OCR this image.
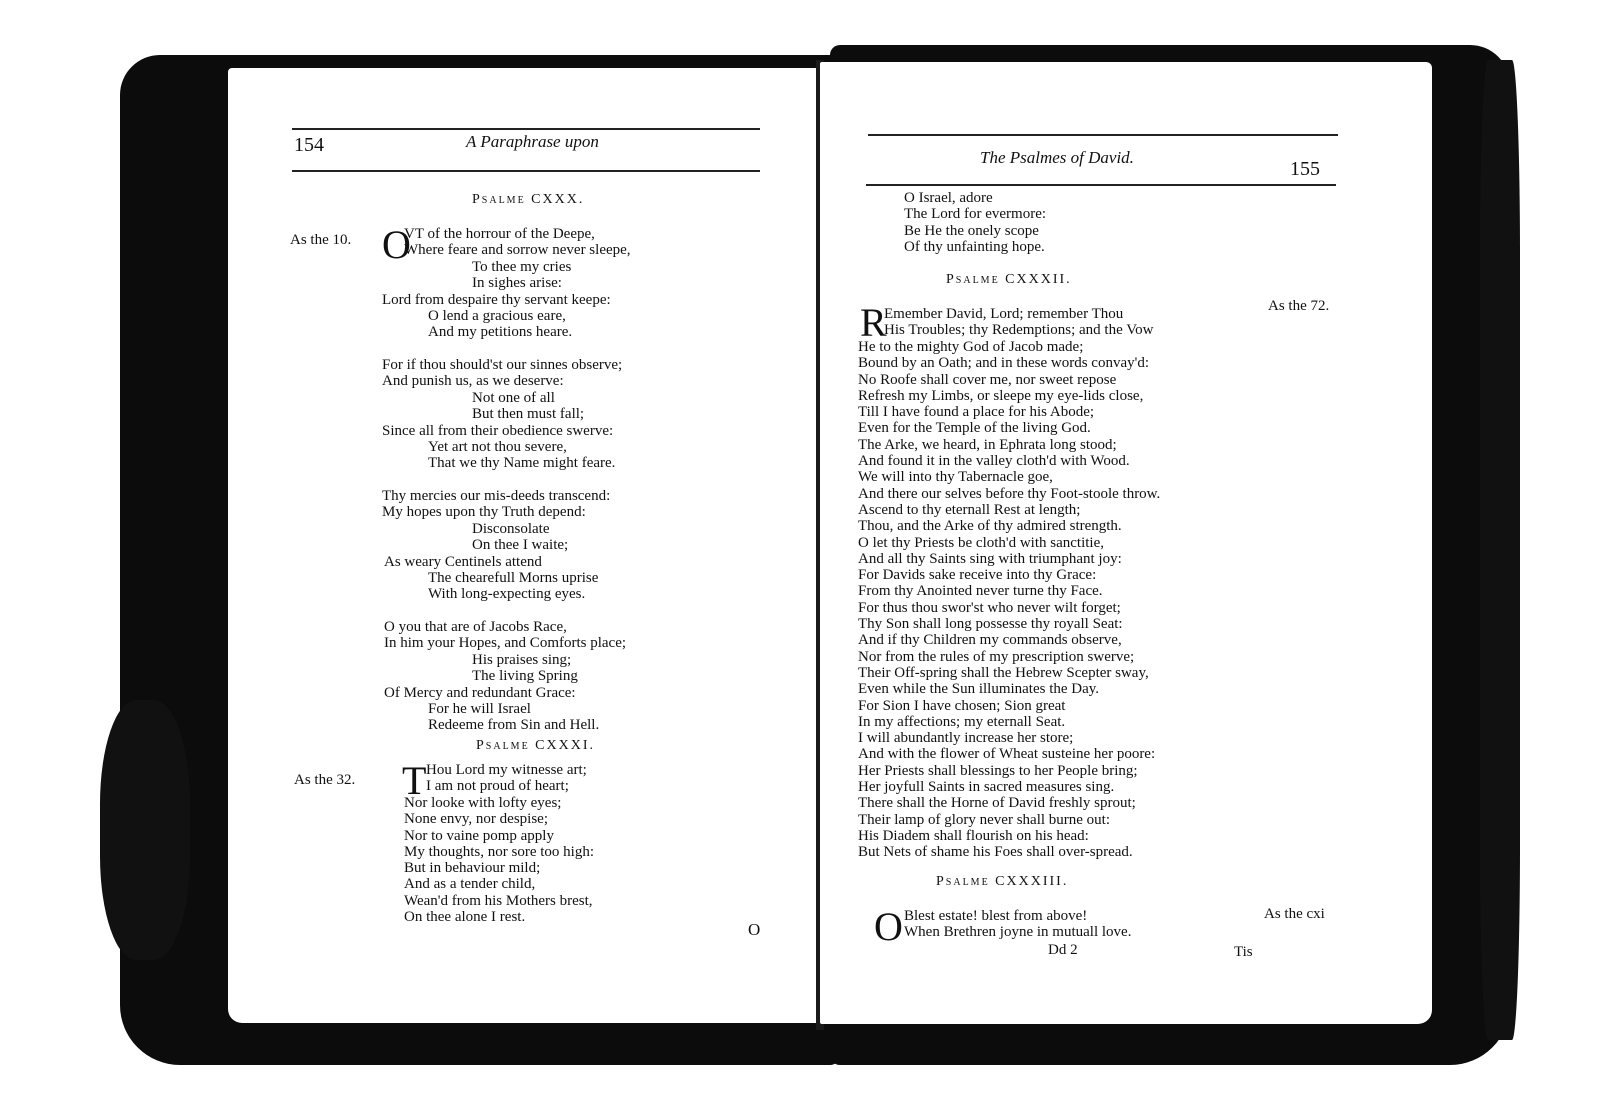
154	A Paraphrase upon
Psalme CXXX.
As the 10. O
VT of the horrour of the Deepe,
Where feare and sorrow never sleepe,
To thee my cries
In sighes arise:
Lord from despaire thy servant keepe:
O lend a gracious eare,
And my petitions heare.
For if thou should'st our sinnes observe;
And punish us, as we deserve:
Not one of all
But then must fall;
Since all from their obedience swerve:
Yet art not thou severe,
That we thy Name might feare.
Thy mercies our mis-deeds transcend:
My hopes upon thy Truth depend:
Disconsolate
On thee I waite;
As weary Centinels attend
The chearefull Morns uprise
With long-expecting eyes.
O you that are of Jacobs Race,
In him your Hopes, and Comforts place;
His praises sing;
The living Spring
Of Mercy and redundant Grace:
For he will Israel
Redeeme from Sin and Hell.
Psalme CXXXI.
As the 32. T Hou Lord my witnesse art;
I am not proud of heart;
Nor looke with lofty eyes;
None envy, nor despise;
Nor to vaine pomp apply
My thoughts, nor sore too high:
But in behaviour mild;
And as a tender child,
Wean'd from his Mothers brest,
On thee alone I rest.
O
The Psalmes of David.
155
O Israel, adore
The Lord for evermore:
Be He the onely scope
Of thy unfainting hope.
Psalme CXXXII.
As the 72.
R
Emember David, Lord; remember Thou
His Troubles; thy Redemptions; and the Vow
He to the mighty God of Jacob made;
Bound by an Oath; and in these words convay'd:
No Roofe shall cover me, nor sweet repose
Refresh my Limbs, or sleepe my eye-lids close,
Till I have found a place for his Abode;
Even for the Temple of the living God.
The Arke, we heard, in Ephrata long stood;
And found it in the valley cloth'd with Wood.
We will into thy Tabernacle goe,
And there our selves before thy Foot-stoole throw.
Ascend to thy eternall Rest at length;
Thou, and the Arke of thy admired strength.
O let thy Priests be cloth'd with sanctitie,
And all thy Saints sing with triumphant joy:
For Davids sake receive into thy Grace:
From thy Anointed never turne thy Face.
For thus thou swor'st who never wilt forget;
Thy Son shall long possesse thy royall Seat:
And if thy Children my commands observe,
Nor from the rules of my prescription swerve;
Their Off-spring shall the Hebrew Scepter sway,
Even while the Sun illuminates the Day.
For Sion I have chosen; Sion great
In my affections; my eternall Seat.
I will abundantly increase her store;
And with the flower of Wheat susteine her poore:
Her Priests shall blessings to her People bring;
Her joyfull Saints in sacred measures sing.
There shall the Horne of David freshly sprout;
Their lamp of glory never shall burne out:
His Diadem shall flourish on his head:
But Nets of shame his Foes shall over-spread.
Psalme CXXXIII.
As the cxi
O Blest estate! blest from above!
When Brethren joyne in mutuall love.
Dd 2	Tis
